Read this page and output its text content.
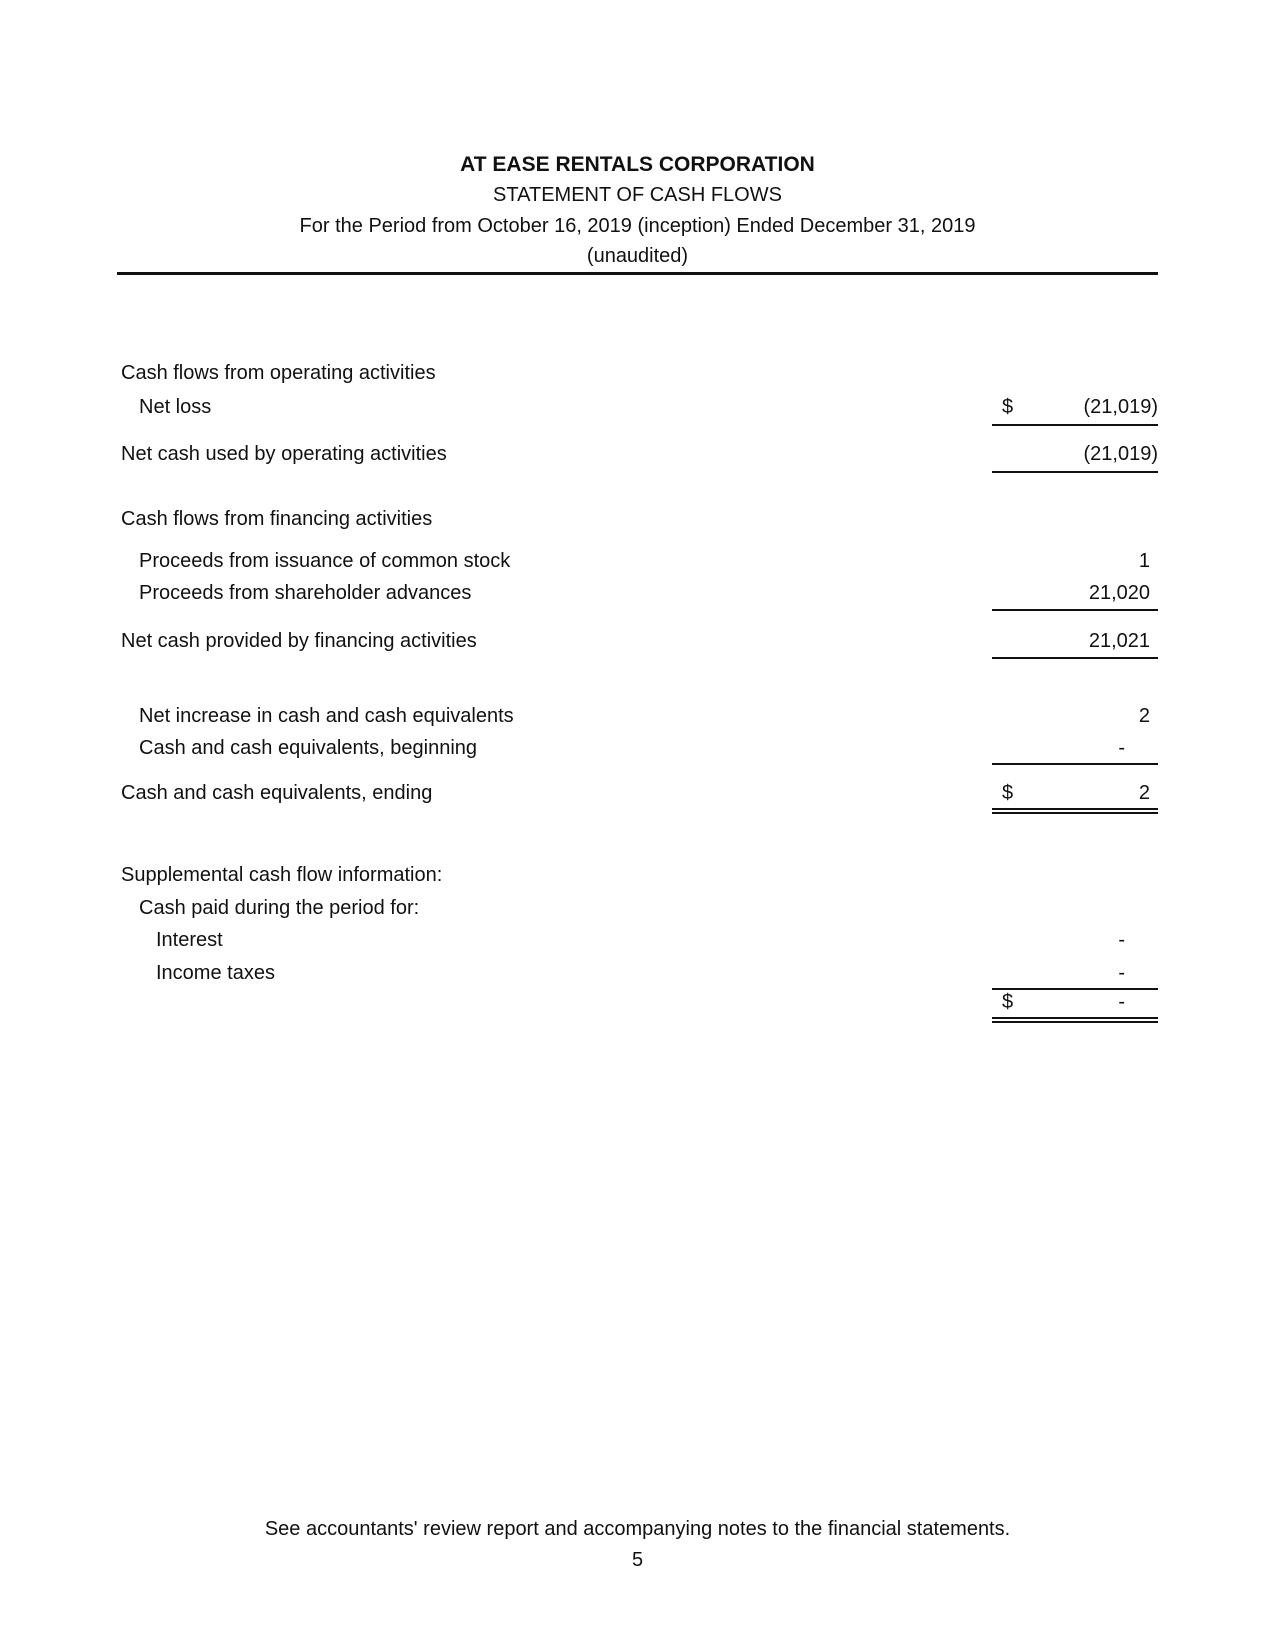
AT EASE RENTALS CORPORATION
STATEMENT OF CASH FLOWS
For the Period from October 16, 2019 (inception) Ended December 31, 2019
(unaudited)
Cash flows from operating activities
Net loss	$	(21,019)
Net cash used by operating activities	(21,019)
Cash flows from financing activities
Proceeds from issuance of common stock	1
Proceeds from shareholder advances	21,020
Net cash provided by financing activities	21,021
Net increase in cash and cash equivalents	2
Cash and cash equivalents, beginning	-
Cash and cash equivalents, ending	$	2
Supplemental cash flow information:
Cash paid during the period for:
Interest	-
Income taxes	-
$	-
See accountants' review report and accompanying notes to the financial statements.
5
